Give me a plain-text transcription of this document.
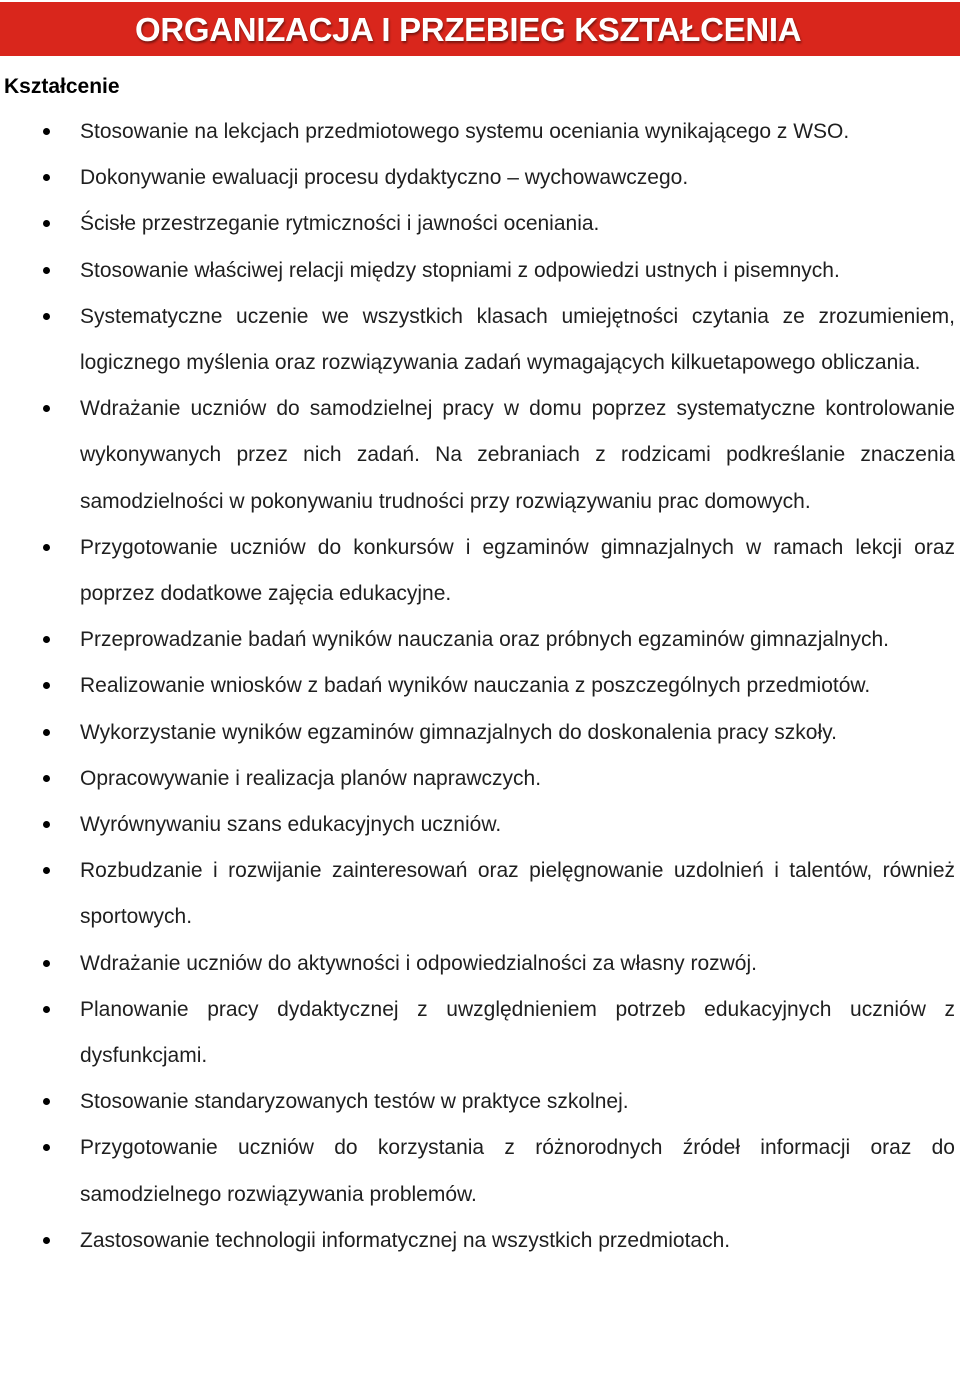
ORGANIZACJA I PRZEBIEG KSZTAŁCENIA
Kształcenie
Stosowanie na lekcjach przedmiotowego systemu oceniania wynikającego z WSO.
Dokonywanie ewaluacji procesu dydaktyczno – wychowawczego.
Ścisłe przestrzeganie rytmiczności i jawności oceniania.
Stosowanie właściwej relacji między stopniami z odpowiedzi ustnych i pisemnych.
Systematyczne uczenie we wszystkich klasach umiejętności czytania ze zrozumieniem, logicznego myślenia oraz rozwiązywania zadań wymagających kilkuetapowego obliczania.
Wdrażanie uczniów do samodzielnej pracy w domu poprzez systematyczne kontrolowanie wykonywanych przez nich zadań. Na zebraniach z rodzicami podkreślanie znaczenia samodzielności w pokonywaniu trudności przy rozwiązywaniu prac domowych.
Przygotowanie uczniów do konkursów i egzaminów gimnazjalnych w ramach lekcji oraz poprzez dodatkowe zajęcia edukacyjne.
Przeprowadzanie badań wyników nauczania oraz próbnych egzaminów gimnazjalnych.
Realizowanie wniosków z badań wyników nauczania z poszczególnych przedmiotów.
Wykorzystanie wyników egzaminów gimnazjalnych do doskonalenia pracy szkoły.
Opracowywanie i realizacja planów naprawczych.
Wyrównywaniu szans edukacyjnych uczniów.
Rozbudzanie i rozwijanie zainteresowań oraz pielęgnowanie uzdolnień i talentów, również sportowych.
Wdrażanie uczniów do aktywności i odpowiedzialności za własny rozwój.
Planowanie pracy dydaktycznej z uwzględnieniem potrzeb edukacyjnych uczniów z dysfunkcjami.
Stosowanie standaryzowanych testów w praktyce szkolnej.
Przygotowanie uczniów do korzystania z różnorodnych źródeł informacji oraz do samodzielnego rozwiązywania problemów.
Zastosowanie technologii informatycznej na wszystkich przedmiotach.
